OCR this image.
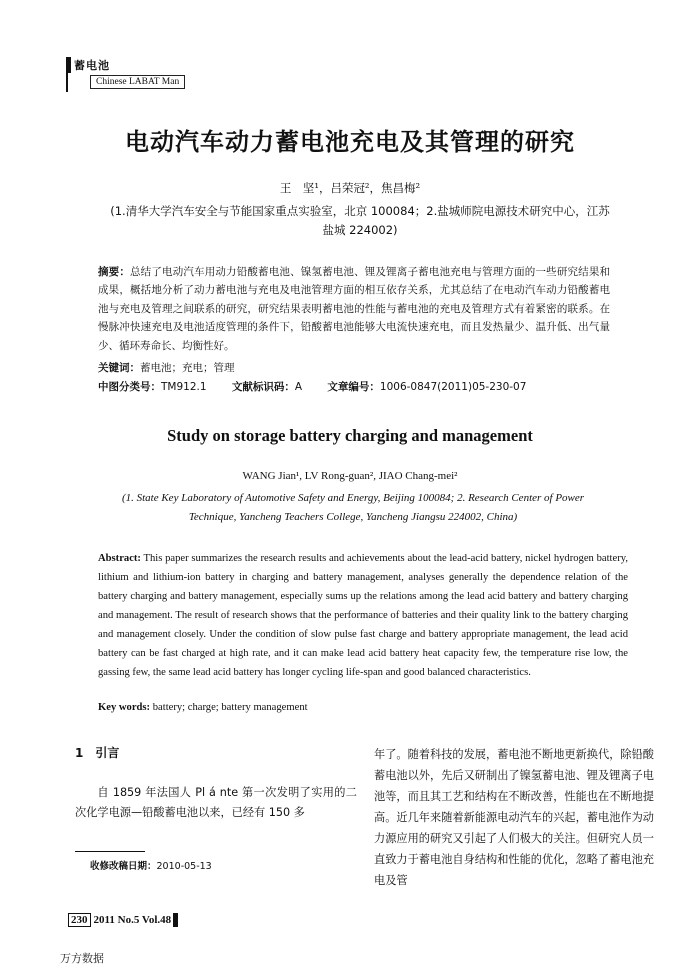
蓄电池
Chinese LABAT Man
电动汽车动力蓄电池充电及其管理的研究
王　坚¹，吕荣冠²，焦昌梅²
(1.清华大学汽车安全与节能国家重点实验室，北京 100084；2.盐城师院电源技术研究中心，江苏 盐城 224002)
摘要：总结了电动汽车用动力铅酸蓄电池、镍氢蓄电池、锂及锂离子蓄电池充电与管理方面的一些研究结果和成果，概括地分析了动力蓄电池与充电及电池管理方面的相互依存关系，尤其总结了在电动汽车动力铅酸蓄电池与充电及管理之间联系的研究，研究结果表明蓄电池的性能与蓄电池的充电及管理方式有着紧密的联系。在慢脉冲快速充电及电池适度管理的条件下，铅酸蓄电池能够大电流快速充电，而且发热量少、温升低、出气量少、循环寿命长、均衡性好。
关键词：蓄电池；充电；管理
中图分类号：TM912.1 文献标识码：A 文章编号：1006-0847(2011)05-230-07
Study on storage battery charging and management
WANG Jian¹, LV Rong-guan², JIAO Chang-mei²
(1. State Key Laboratory of Automotive Safety and Energy, Beijing 100084; 2. Research Center of Power Technique, Yancheng Teachers College, Yancheng Jiangsu 224002, China)
Abstract: This paper summarizes the research results and achievements about the lead-acid battery, nickel hydrogen battery, lithium and lithium-ion battery in charging and battery management, analyses generally the dependence relation of the battery charging and battery management, especially sums up the relations among the lead acid battery and battery charging and management. The result of research shows that the performance of batteries and their quality link to the battery charging and management closely. Under the condition of slow pulse fast charge and battery appropriate management, the lead acid battery can be fast charged at high rate, and it can make lead acid battery heat capacity few, the temperature rise low, the gassing few, the same lead acid battery has longer cycling life-span and good balanced characteristics.
Key words: battery; charge; battery management
1　引言
自 1859 年法国人 Pl á nte 第一次发明了实用的二次化学电源—铅酸蓄电池以来，已经有 150 多
年了。随着科技的发展，蓄电池不断地更新换代，除铅酸蓄电池以外，先后又研制出了镍氢蓄电池、锂及锂离子电池等，而且其工艺和结构在不断改善，性能也在不断地提高。近几年来随着新能源电动汽车的兴起，蓄电池作为动力源应用的研究又引起了人们极大的关注。但研究人员一直致力于蓄电池自身结构和性能的优化，忽略了蓄电池充电及管
收修改稿日期：2010-05-13
230 2011 No.5 Vol.48
万方数据
